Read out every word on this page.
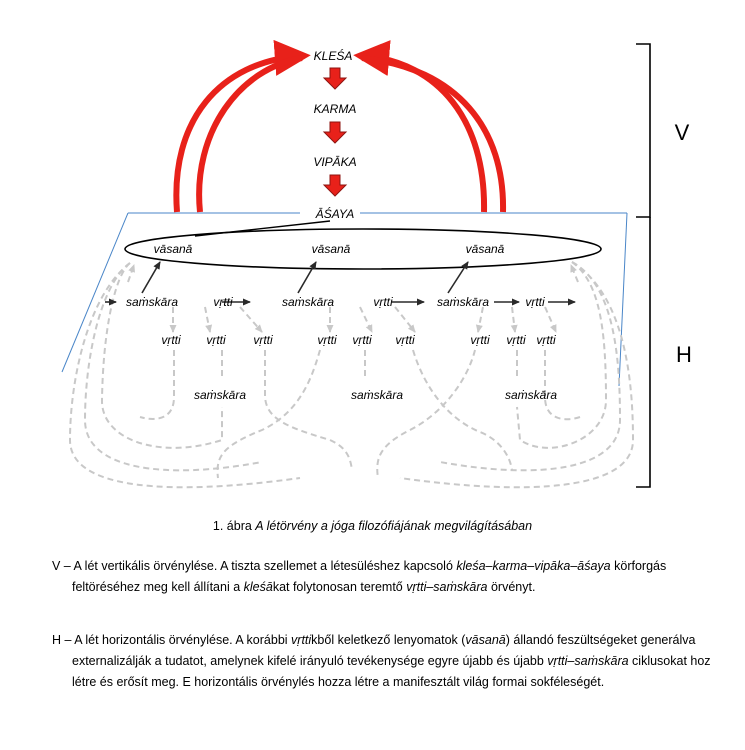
KLEŚA
KARMA
VIPĀKA
ĀŚAYA
vāsanā	vāsanā	vāsanā
saṁskāra	vṛtti	saṁskāra	vṛtti	saṁskāra	vṛtti
vṛtti vṛtti vṛtti	vṛtti vṛtti vṛtti	vṛtti vṛtti vṛtti
saṁskāra	saṁskāra	saṁskāra
V
H
1. ábra A létörvény a jóga filozófiájának megvilágításában
V – A lét vertikális örvénylése. A tiszta szellemet a létesüléshez kapcsoló kleśa–karma–vipāka–āśaya körforgás feltöréséhez meg kell állítani a kleśākat folytonosan teremtő vṛtti–saṁskāra örvényt.
H – A lét horizontális örvénylése. A korábbi vṛttikből keletkező lenyomatok (vāsanā) állandó feszültségeket generálva externalizálják a tudatot, amelynek kifelé irányuló tevékenysége egyre újabb és újabb vṛtti–saṁskāra ciklusokat hoz létre és erősít meg. E horizontális örvénylés hozza létre a manifesztált világ formai sokféleségét.
